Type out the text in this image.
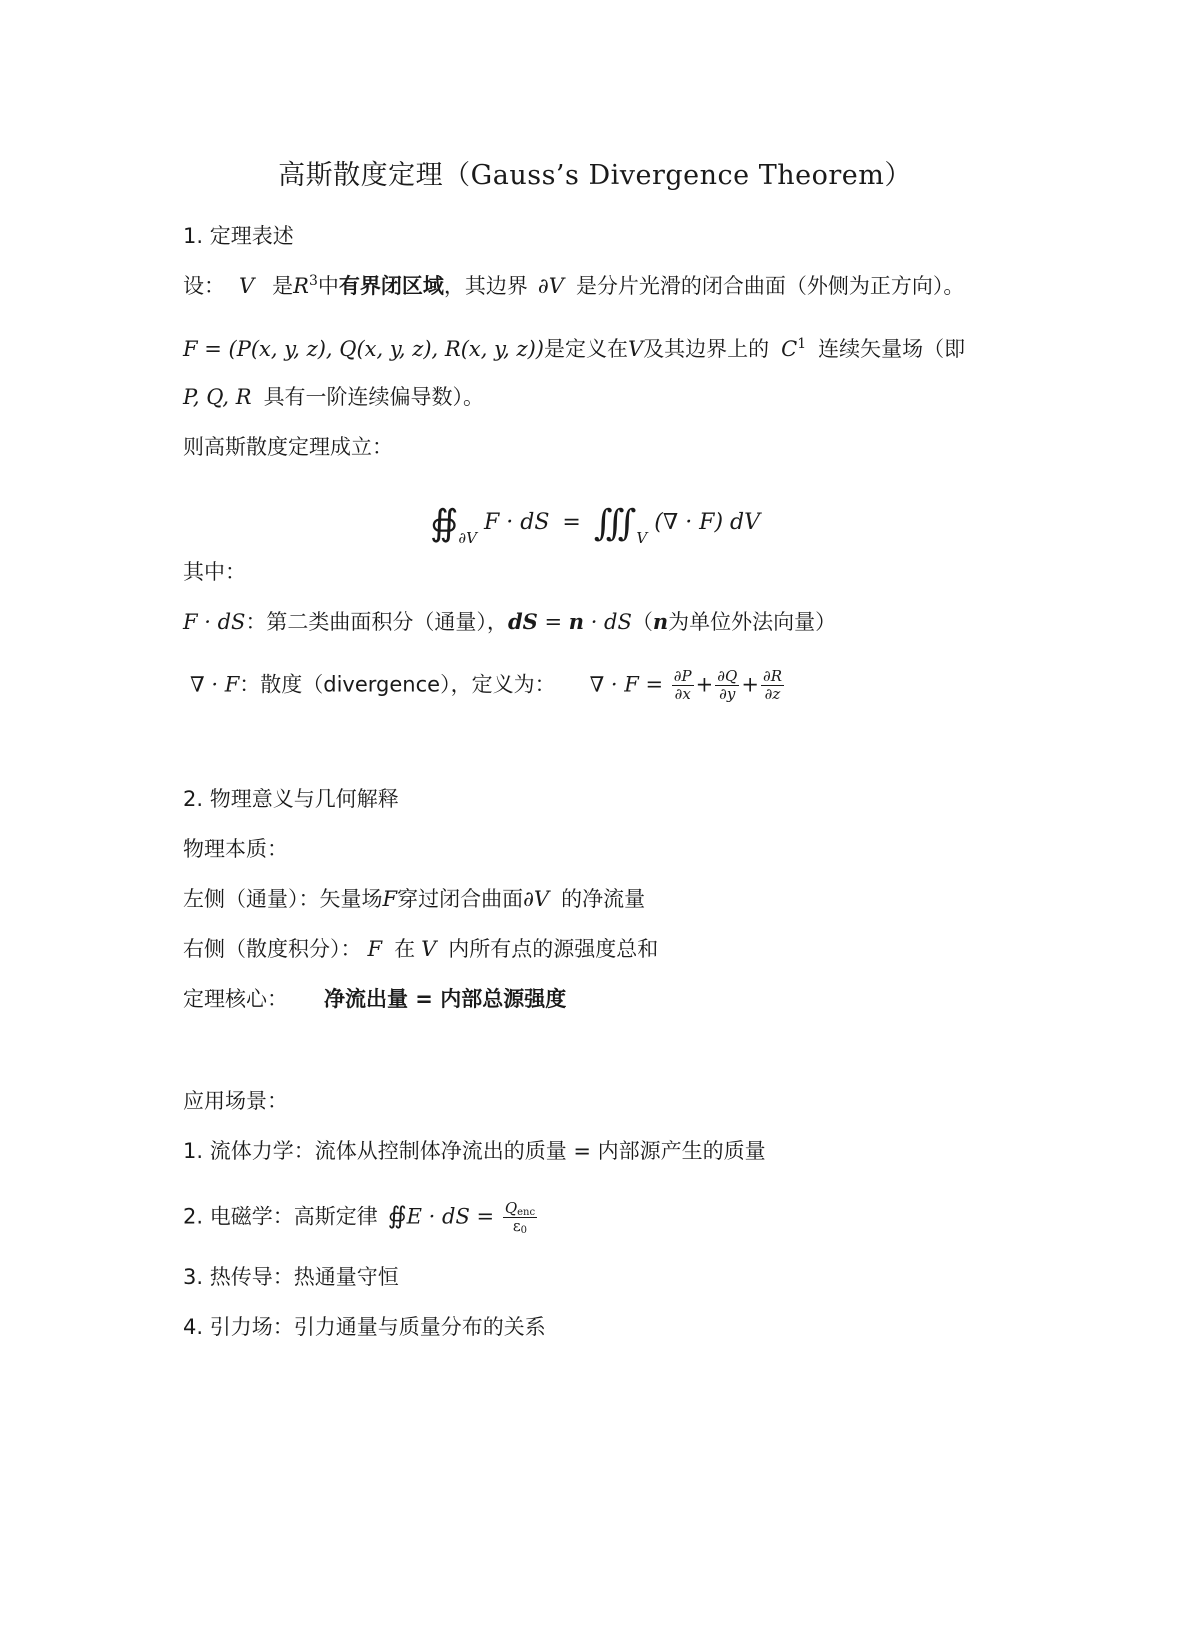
高斯散度定理（Gauss’s Divergence Theorem）
1. 定理表述
设： V 是$R^3$中有界闭区域，其边界 ∂V 是分片光滑的闭合曲面（外侧为正方向）。
F = (P(x, y, z), Q(x, y, z), R(x, y, z))是定义在V及其边界上的 $C^1$ 连续矢量场（即
P, Q, R 具有一阶连续偏导数）。
则高斯散度定理成立：
$∯_{\partial V}$ F · dS = $∭_V$ (∇ · F) dV
其中：
F · dS：第二类曲面积分（通量），dS = n · dS（n为单位外法向量）
∇ · F：散度（divergence），定义为： ∇ · $F = \frac{\partial P}{\partial x} + \frac{\partial Q}{\partial y} + \frac{\partial R}{\partial z}$
2. 物理意义与几何解释
物理本质：
左侧（通量）：矢量场F穿过闭合曲面∂V 的净流量
右侧（散度积分）： F 在 V 内所有点的源强度总和
定理核心： 净流出量 = 内部总源强度
应用场景：
1. 流体力学：流体从控制体净流出的质量 = 内部源产生的质量
2. 电磁学：高斯定律 ∯E · dS = $\frac{Q_{enc}}{\varepsilon_0}$
3. 热传导：热通量守恒
4. 引力场：引力通量与质量分布的关系
